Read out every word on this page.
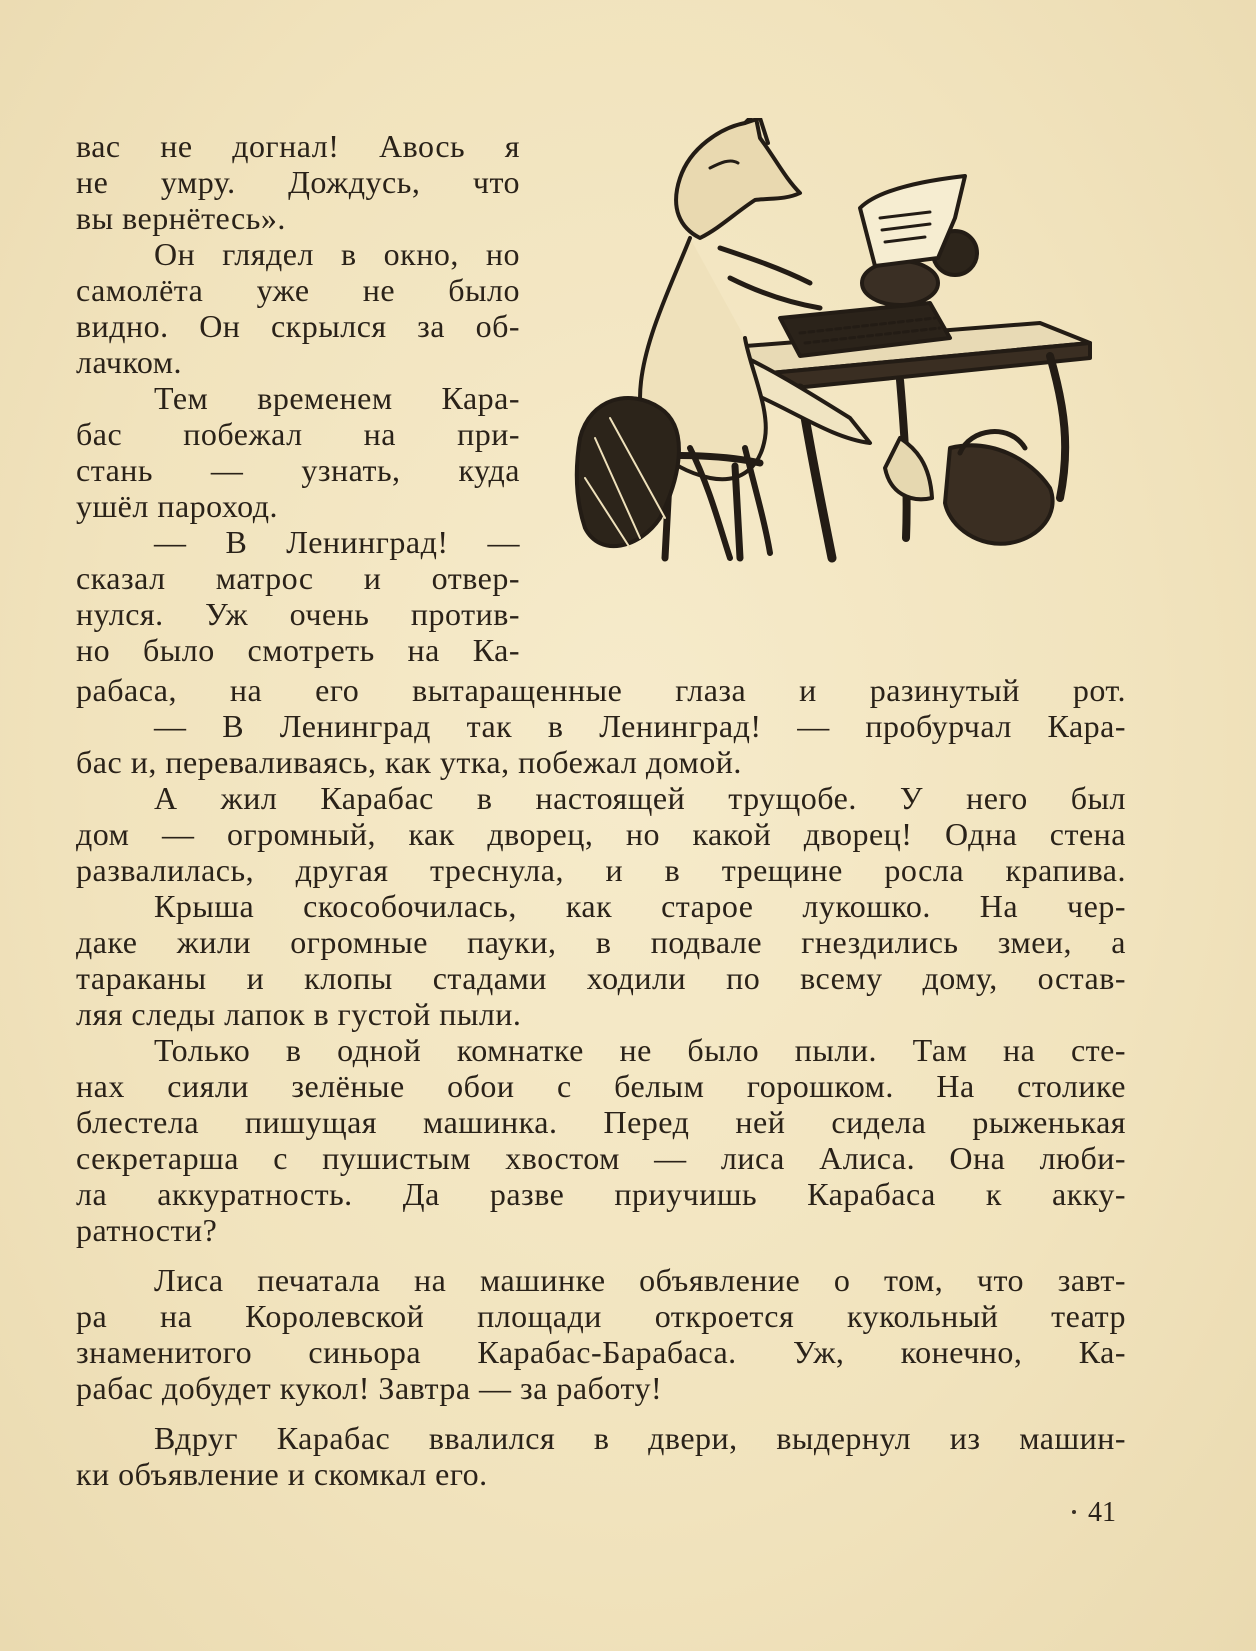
вас не догнал! Авось я
не умру. Дождусь, что
вы вернётесь».
Он глядел в окно, но
самолёта уже не было
видно. Он скрылся за об-
лачком.
Тем временем Кара-
бас побежал на при-
стань — узнать, куда
ушёл пароход.
— В Ленинград! —
сказал матрос и отвер-
нулся. Уж очень против-
но было смотреть на Ка-
рабаса, на его вытаращенные глаза и разинутый рот.
— В Ленинград так в Ленинград! — пробурчал Кара-
бас и, переваливаясь, как утка, побежал домой.
А жил Карабас в настоящей трущобе. У него был
дом — огромный, как дворец, но какой дворец! Одна стена
развалилась, другая треснула, и в трещине росла крапива.
Крыша скособочилась, как старое лукошко. На чер-
даке жили огромные пауки, в подвале гнездились змеи, а
тараканы и клопы стадами ходили по всему дому, остав-
ляя следы лапок в густой пыли.
Только в одной комнатке не было пыли. Там на сте-
нах сияли зелёные обои с белым горошком. На столике
блестела пишущая машинка. Перед ней сидела рыженькая
секретарша с пушистым хвостом — лиса Алиса. Она люби-
ла аккуратность. Да разве приучишь Карабаса к акку-
ратности?
Лиса печатала на машинке объявление о том, что завт-
ра на Королевской площади откроется кукольный театр
знаменитого синьора Карабас-Барабаса. Уж, конечно, Ка-
рабас добудет кукол! Завтра — за работу!
Вдруг Карабас ввалился в двери, выдернул из машин-
ки объявление и скомкал его.
41
